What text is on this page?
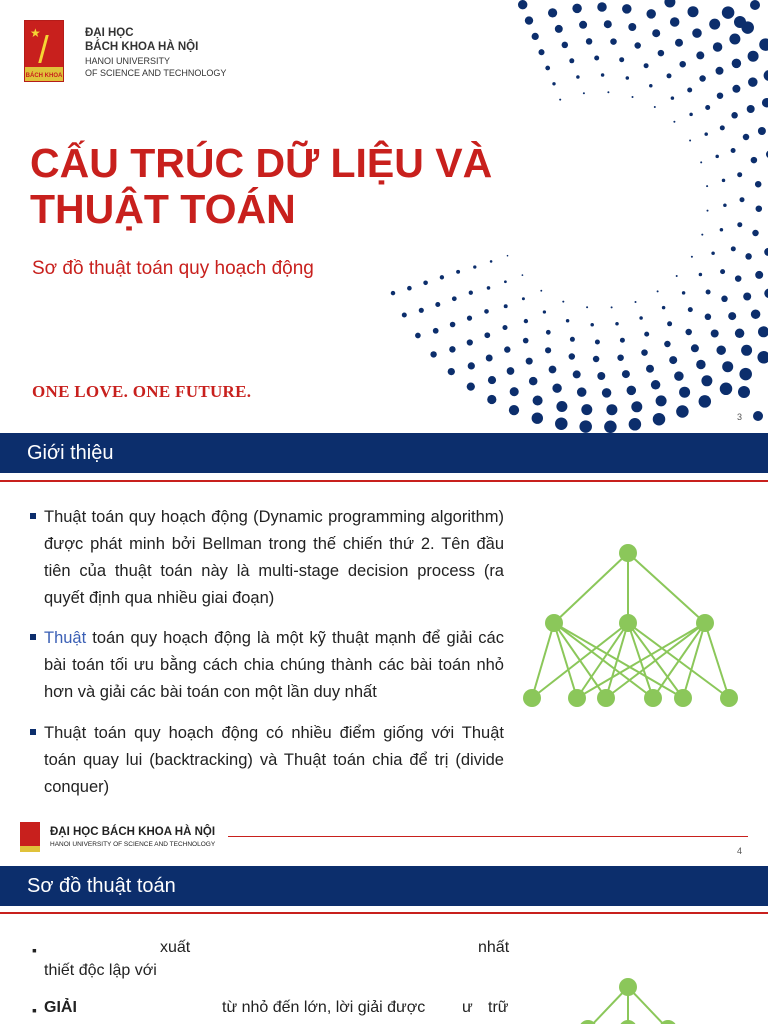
★
BÁCH KHOA
ĐẠI HỌC
BÁCH KHOA HÀ NỘI
HANOI UNIVERSITY
OF SCIENCE AND TECHNOLOGY
CẤU TRÚC DỮ LIỆU VÀ
THUẬT TOÁN
Sơ đồ thuật toán quy hoạch động
ONE LOVE. ONE FUTURE.
3
Giới thiệu
Thuật toán quy hoạch động (Dynamic programming algorithm) được phát minh bởi Bellman trong thế chiến thứ 2. Tên đầu tiên của thuật toán này là multi-stage decision process (ra quyết định qua nhiều giai đoạn)
Thuật toán quy hoạch động là một kỹ thuật mạnh để giải các bài toán tối ưu bằng cách chia chúng thành các bài toán nhỏ hơn và giải các bài toán con một lần duy nhất
Thuật toán quy hoạch động có nhiều điểm giống với Thuật toán quay lui (backtracking) và Thuật toán chia để trị (divide conquer)
ĐẠI HỌC BÁCH KHOA HÀ NỘI
HANOI UNIVERSITY OF SCIENCE AND TECHNOLOGY
4
Sơ đồ thuật toán
▪	xuất	nhất
thiết độc lập với
▪ GIẢI	từ nhỏ đến lớn, lời giải được ư trữ
